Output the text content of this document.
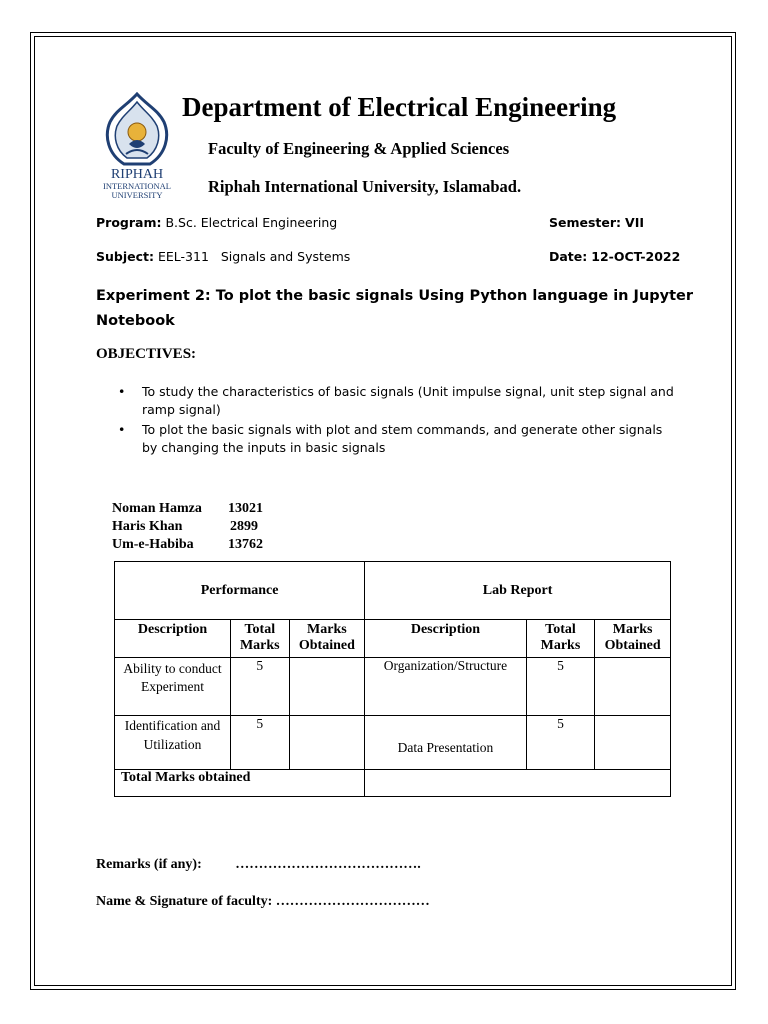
RIPHAH
INTERNATIONAL
UNIVERSITY
Department of Electrical Engineering
Faculty of Engineering & Applied Sciences
Riphah International University, Islamabad.
Program: B.Sc. Electrical Engineering	Semester: VII
Subject: EEL-311   Signals and Systems	Date: 12-OCT-2022
Experiment 2: To plot the basic signals Using Python language in Jupyter Notebook
OBJECTIVES:
• To study the characteristics of basic signals (Unit impulse signal, unit step signal and ramp signal)
• To plot the basic signals with plot and stem commands, and generate other signals by changing the inputs in basic signals
Noman Hamza	13021
Haris Khan	2899
Um-e-Habiba	13762
Performance			Lab Report		
Description	Total Marks	Marks Obtained	Description	Total Marks	Marks Obtained
Ability to conduct Experiment	5		Organization/Structure	5	
Identification and Utilization	5		Data Presentation	5	
Total Marks obtained					
Remarks (if any): ………………………………….
Name & Signature of faculty: ……………………………
